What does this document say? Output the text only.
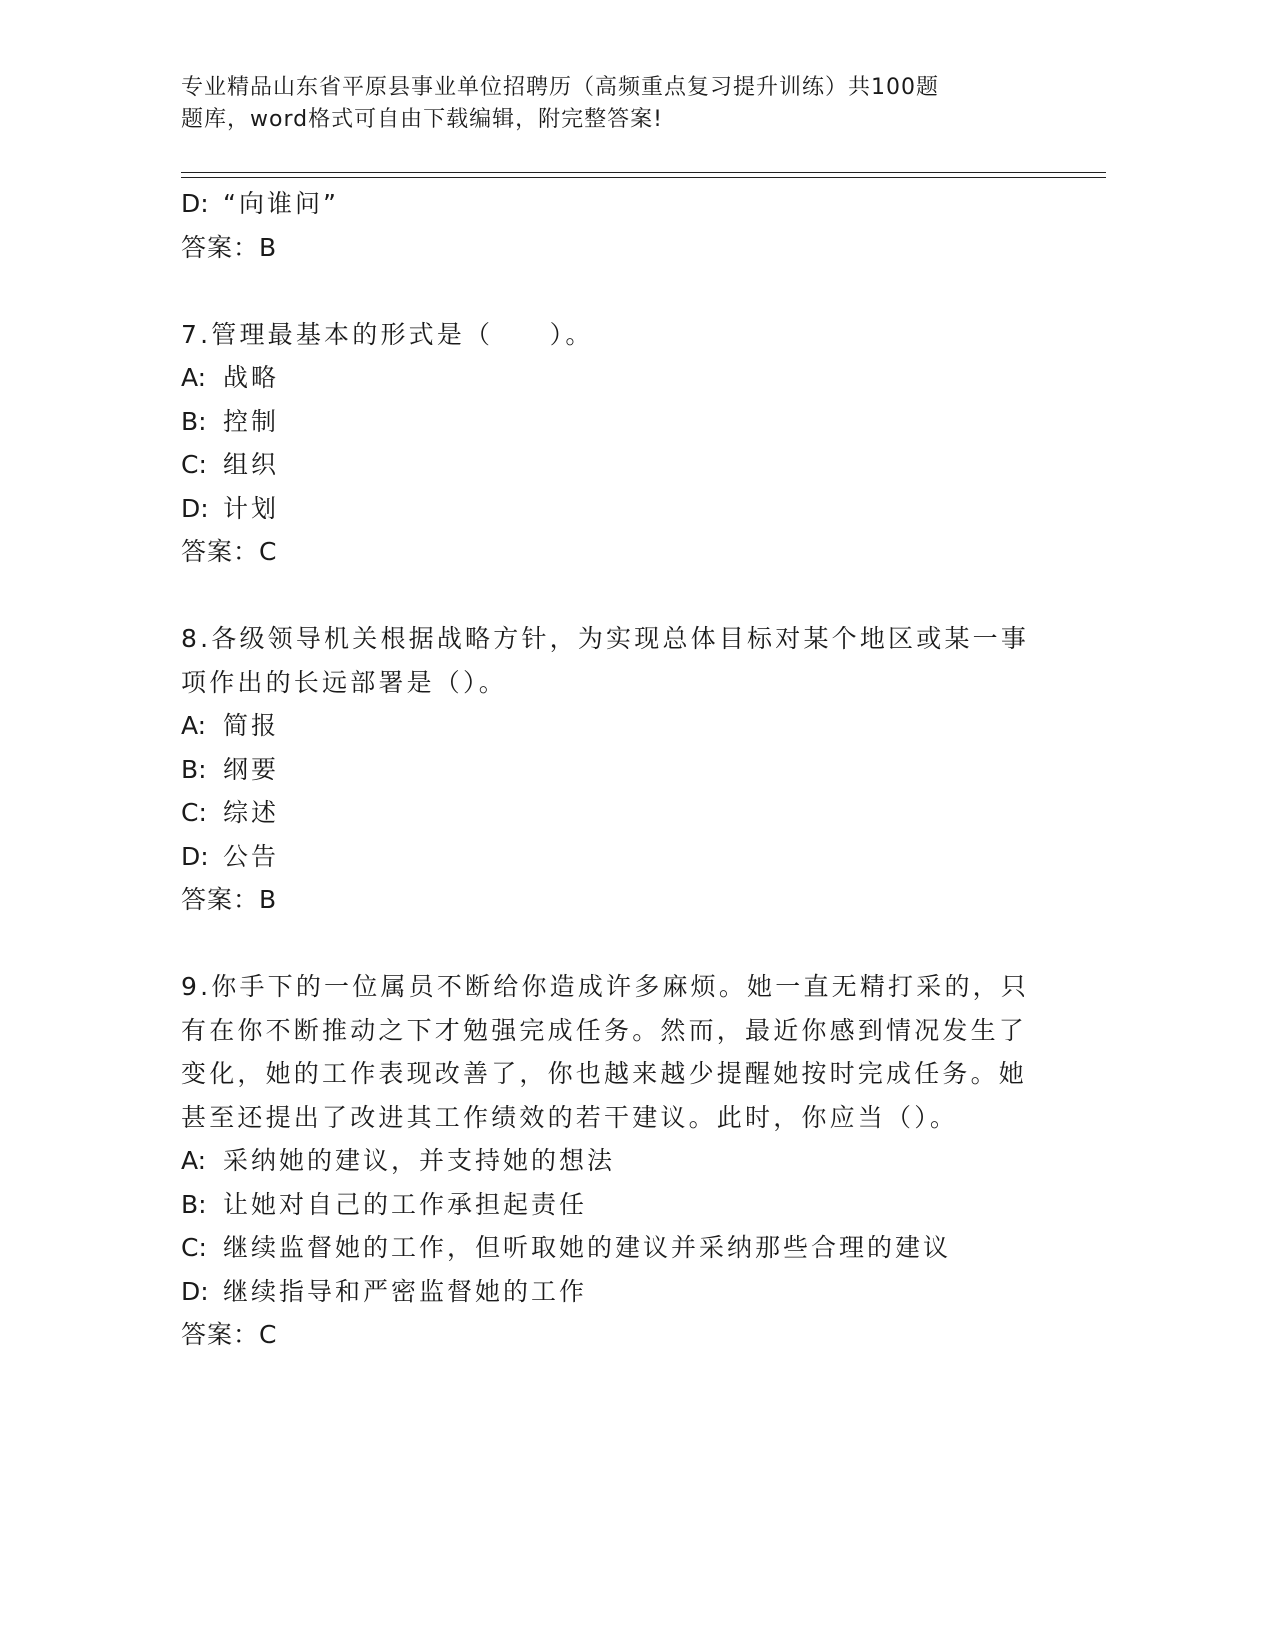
专业精品山东省平原县事业单位招聘历（高频重点复习提升训练）共100题
题库，word格式可自由下载编辑，附完整答案!
D: “向谁问”
答案：B
7.管理最基本的形式是（　　）。
A: 战略
B: 控制
C: 组织
D: 计划
答案：C
8.各级领导机关根据战略方针，为实现总体目标对某个地区或某一事
项作出的长远部署是（）。
A: 简报
B: 纲要
C: 综述
D: 公告
答案：B
9.你手下的一位属员不断给你造成许多麻烦。她一直无精打采的，只
有在你不断推动之下才勉强完成任务。然而，最近你感到情况发生了
变化，她的工作表现改善了，你也越来越少提醒她按时完成任务。她
甚至还提出了改进其工作绩效的若干建议。此时，你应当（）。
A: 采纳她的建议，并支持她的想法
B: 让她对自己的工作承担起责任
C: 继续监督她的工作，但听取她的建议并采纳那些合理的建议
D: 继续指导和严密监督她的工作
答案：C
